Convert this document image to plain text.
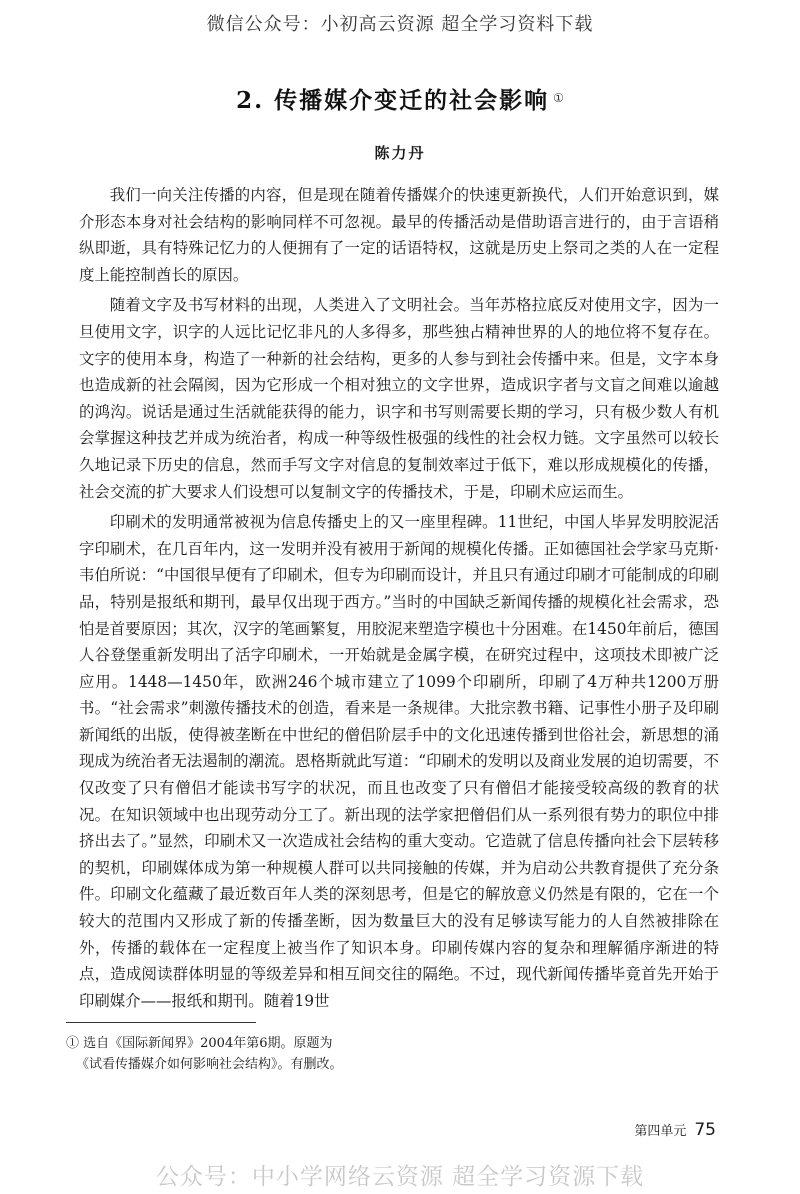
微信公众号：小初高云资源 超全学习资料下载
2. 传播媒介变迁的社会影响 ①
陈力丹

我们一向关注传播的内容，但是现在随着传播媒介的快速更新换代，人们开始意识到，媒介形态本身对社会结构的影响同样不可忽视。最早的传播活动是借助语言进行的，由于言语稍纵即逝，具有特殊记忆力的人便拥有了一定的话语特权，这就是历史上祭司之类的人在一定程度上能控制酋长的原因。

随着文字及书写材料的出现，人类进入了文明社会。当年苏格拉底反对使用文字，因为一旦使用文字，识字的人远比记忆非凡的人多得多，那些独占精神世界的人的地位将不复存在。文字的使用本身，构造了一种新的社会结构，更多的人参与到社会传播中来。但是，文字本身也造成新的社会隔阂，因为它形成一个相对独立的文字世界，造成识字者与文盲之间难以逾越的鸿沟。说话是通过生活就能获得的能力，识字和书写则需要长期的学习，只有极少数人有机会掌握这种技艺并成为统治者，构成一种等级性极强的线性的社会权力链。文字虽然可以较长久地记录下历史的信息，然而手写文字对信息的复制效率过于低下，难以形成规模化的传播，社会交流的扩大要求人们设想可以复制文字的传播技术，于是，印刷术应运而生。

印刷术的发明通常被视为信息传播史上的又一座里程碑。11世纪，中国人毕昇发明胶泥活字印刷术，在几百年内，这一发明并没有被用于新闻的规模化传播。正如德国社会学家马克斯·韦伯所说：“中国很早便有了印刷术，但专为印刷而设计，并且只有通过印刷才可能制成的印刷品，特别是报纸和期刊，最早仅出现于西方。”当时的中国缺乏新闻传播的规模化社会需求，恐怕是首要原因；其次，汉字的笔画繁复，用胶泥来塑造字模也十分困难。在1450年前后，德国人谷登堡重新发明出了活字印刷术，一开始就是金属字模，在研究过程中，这项技术即被广泛应用。1448—1450年，欧洲246个城市建立了1099个印刷所，印刷了4万种共1200万册书。“社会需求”刺激传播技术的创造，看来是一条规律。大批宗教书籍、记事性小册子及印刷新闻纸的出版，使得被垄断在中世纪的僧侣阶层手中的文化迅速传播到世俗社会，新思想的涌现成为统治者无法遏制的潮流。恩格斯就此写道：“印刷术的发明以及商业发展的迫切需要，不仅改变了只有僧侣才能读书写字的状况，而且也改变了只有僧侣才能接受较高级的教育的状况。在知识领域中也出现劳动分工了。新出现的法学家把僧侣们从一系列很有势力的职位中排挤出去了。”显然，印刷术又一次造成社会结构的重大变动。它造就了信息传播向社会下层转移的契机，印刷媒体成为第一种规模人群可以共同接触的传媒，并为启动公共教育提供了充分条件。印刷文化蕴藏了最近数百年人类的深刻思考，但是它的解放意义仍然是有限的，它在一个较大的范围内又形成了新的传播垄断，因为数量巨大的没有足够读写能力的人自然被排除在外，传播的载体在一定程度上被当作了知识本身。印刷传媒内容的复杂和理解循序渐进的特点，造成阅读群体明显的等级差异和相互间交往的隔绝。不过，现代新闻传播毕竟首先开始于印刷媒介——报纸和期刊。随着19世

① 选自《国际新闻界》2004年第6期。原题为
《试看传播媒介如何影响社会结构》。有删改。
第四单元 75
公众号：中小学网络云资源 超全学习资源下载
